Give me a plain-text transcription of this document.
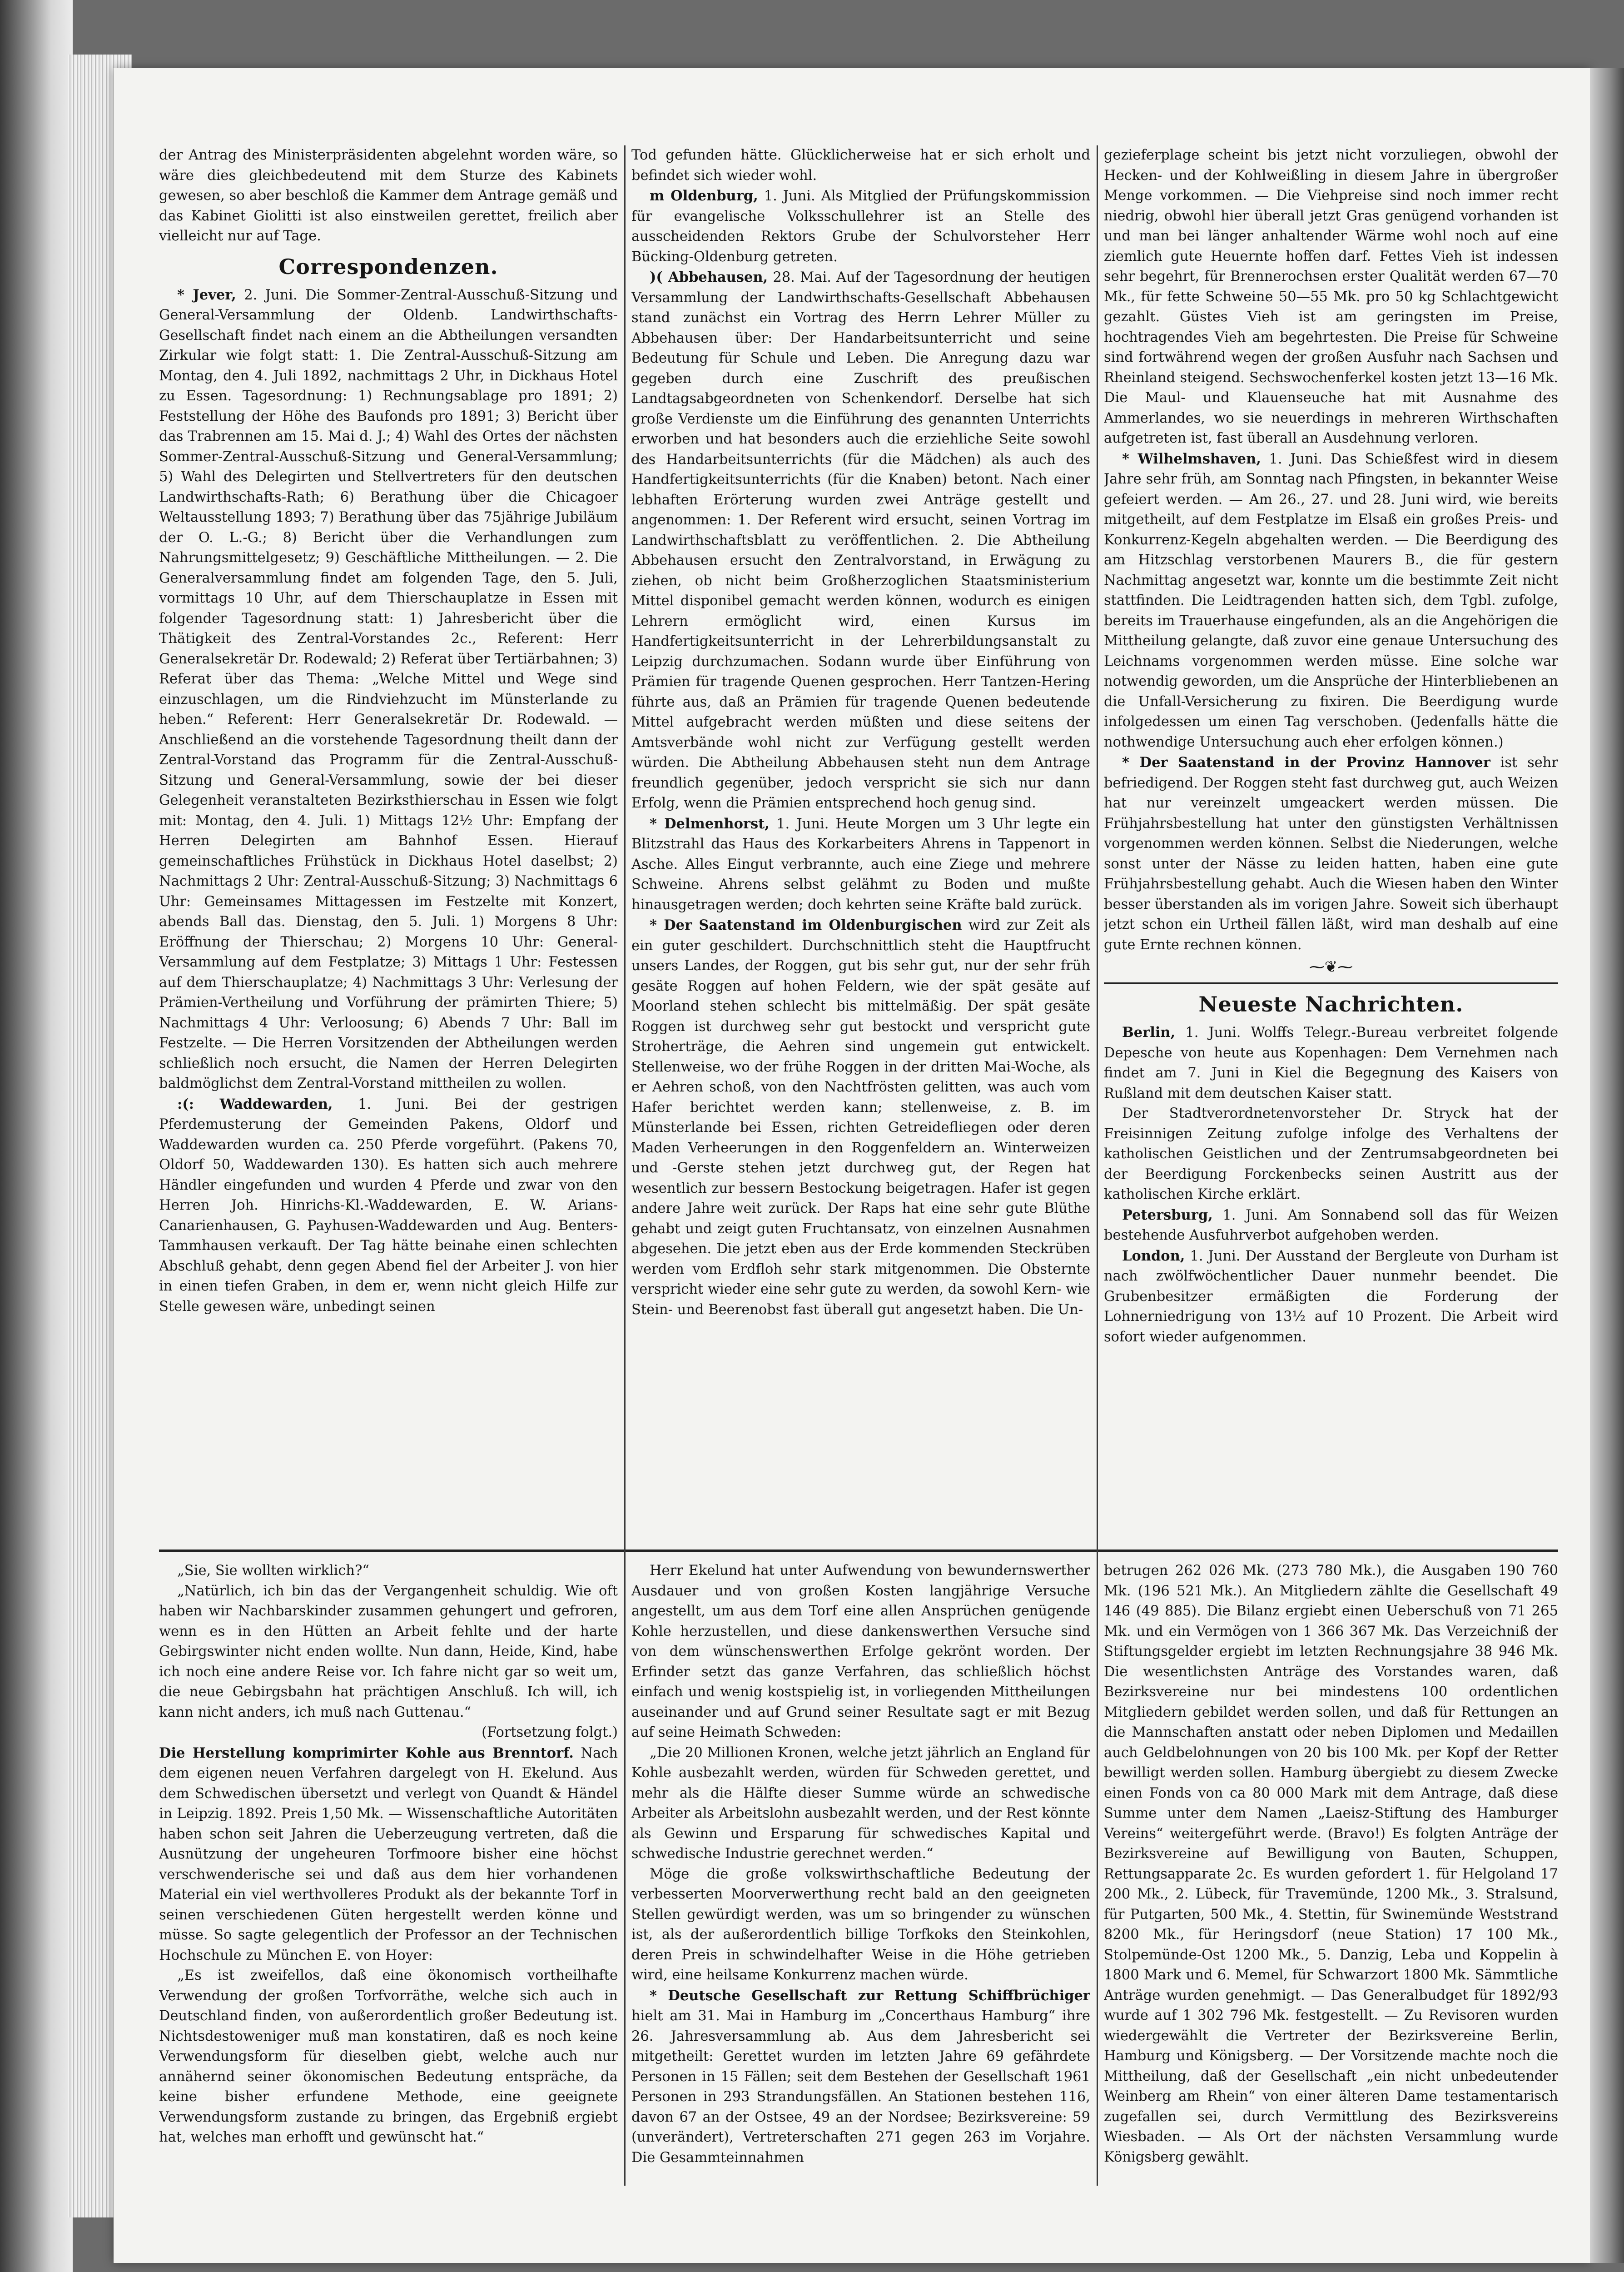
der Antrag des Ministerpräsidenten abgelehnt worden wäre, so wäre dies gleichbedeutend mit dem Sturze des Kabinets gewesen, so aber beschloß die Kammer dem Antrage gemäß und das Kabinet Giolitti ist also einstweilen gerettet, freilich aber vielleicht nur auf Tage.

Correspondenzen.

* Jever, 2. Juni. Die Sommer-Zentral-Ausschuß-Sitzung und General-Versammlung der Oldenb. Landwirthschafts-Gesellschaft findet nach einem an die Abtheilungen versandten Zirkular wie folgt statt: 1. Die Zentral-Ausschuß-Sitzung am Montag, den 4. Juli 1892, nachmittags 2 Uhr, in Dickhaus Hotel zu Essen. Tagesordnung: 1) Rechnungsablage pro 1891; 2) Feststellung der Höhe des Baufonds pro 1891; 3) Bericht über das Trabrennen am 15. Mai d. J.; 4) Wahl des Ortes der nächsten Sommer-Zentral-Ausschuß-Sitzung und General-Versammlung; 5) Wahl des Delegirten und Stellvertreters für den deutschen Landwirthschafts-Rath; 6) Berathung über die Chicagoer Weltausstellung 1893; 7) Berathung über das 75jährige Jubiläum der O. L.-G.; 8) Bericht über die Verhandlungen zum Nahrungsmittelgesetz; 9) Geschäftliche Mittheilungen. — 2. Die Generalversammlung findet am folgenden Tage, den 5. Juli, vormittags 10 Uhr, auf dem Thierschauplatze in Essen mit folgender Tagesordnung statt: 1) Jahresbericht über die Thätigkeit des Zentral-Vorstandes 2c., Referent: Herr Generalsekretär Dr. Rodewald; 2) Referat über Tertiärbahnen; 3) Referat über das Thema: „Welche Mittel und Wege sind einzuschlagen, um die Rindviehzucht im Münsterlande zu heben.“ Referent: Herr Generalsekretär Dr. Rodewald. — Anschließend an die vorstehende Tagesordnung theilt dann der Zentral-Vorstand das Programm für die Zentral-Ausschuß-Sitzung und General-Versammlung, sowie der bei dieser Gelegenheit veranstalteten Bezirksthierschau in Essen wie folgt mit: Montag, den 4. Juli. 1) Mittags 12½ Uhr: Empfang der Herren Delegirten am Bahnhof Essen. Hierauf gemeinschaftliches Frühstück in Dickhaus Hotel daselbst; 2) Nachmittags 2 Uhr: Zentral-Ausschuß-Sitzung; 3) Nachmittags 6 Uhr: Gemeinsames Mittagessen im Festzelte mit Konzert, abends Ball das. Dienstag, den 5. Juli. 1) Morgens 8 Uhr: Eröffnung der Thierschau; 2) Morgens 10 Uhr: General-Versammlung auf dem Festplatze; 3) Mittags 1 Uhr: Festessen auf dem Thierschauplatze; 4) Nachmittags 3 Uhr: Verlesung der Prämien-Vertheilung und Vorführung der prämirten Thiere; 5) Nachmittags 4 Uhr: Verloosung; 6) Abends 7 Uhr: Ball im Festzelte. — Die Herren Vorsitzenden der Abtheilungen werden schließlich noch ersucht, die Namen der Herren Delegirten baldmöglichst dem Zentral-Vorstand mittheilen zu wollen.

:(: Waddewarden, 1. Juni. Bei der gestrigen Pferdemusterung der Gemeinden Pakens, Oldorf und Waddewarden wurden ca. 250 Pferde vorgeführt. (Pakens 70, Oldorf 50, Waddewarden 130). Es hatten sich auch mehrere Händler eingefunden und wurden 4 Pferde und zwar von den Herren Joh. Hinrichs-Kl.-Waddewarden, E. W. Arians-Canarienhausen, G. Payhusen-Waddewarden und Aug. Benters-Tammhausen verkauft. Der Tag hätte beinahe einen schlechten Abschluß gehabt, denn gegen Abend fiel der Arbeiter J. von hier in einen tiefen Graben, in dem er, wenn nicht gleich Hilfe zur Stelle gewesen wäre, unbedingt seinen

Tod gefunden hätte. Glücklicherweise hat er sich erholt und befindet sich wieder wohl.

m Oldenburg, 1. Juni. Als Mitglied der Prüfungskommission für evangelische Volksschullehrer ist an Stelle des ausscheidenden Rektors Grube der Schulvorsteher Herr Bücking-Oldenburg getreten.

)( Abbehausen, 28. Mai. Auf der Tagesordnung der heutigen Versammlung der Landwirthschafts-Gesellschaft Abbehausen stand zunächst ein Vortrag des Herrn Lehrer Müller zu Abbehausen über: Der Handarbeitsunterricht und seine Bedeutung für Schule und Leben. Die Anregung dazu war gegeben durch eine Zuschrift des preußischen Landtagsabgeordneten von Schenkendorf. Derselbe hat sich große Verdienste um die Einführung des genannten Unterrichts erworben und hat besonders auch die erziehliche Seite sowohl des Handarbeitsunterrichts (für die Mädchen) als auch des Handfertigkeitsunterrichts (für die Knaben) betont. Nach einer lebhaften Erörterung wurden zwei Anträge gestellt und angenommen: 1. Der Referent wird ersucht, seinen Vortrag im Landwirthschaftsblatt zu veröffentlichen. 2. Die Abtheilung Abbehausen ersucht den Zentralvorstand, in Erwägung zu ziehen, ob nicht beim Großherzoglichen Staatsministerium Mittel disponibel gemacht werden können, wodurch es einigen Lehrern ermöglicht wird, einen Kursus im Handfertigkeitsunterricht in der Lehrerbildungsanstalt zu Leipzig durchzumachen. Sodann wurde über Einführung von Prämien für tragende Quenen gesprochen. Herr Tantzen-Hering führte aus, daß an Prämien für tragende Quenen bedeutende Mittel aufgebracht werden müßten und diese seitens der Amtsverbände wohl nicht zur Verfügung gestellt werden würden. Die Abtheilung Abbehausen steht nun dem Antrage freundlich gegenüber, jedoch verspricht sie sich nur dann Erfolg, wenn die Prämien entsprechend hoch genug sind.

* Delmenhorst, 1. Juni. Heute Morgen um 3 Uhr legte ein Blitzstrahl das Haus des Korkarbeiters Ahrens in Tappenort in Asche. Alles Eingut verbrannte, auch eine Ziege und mehrere Schweine. Ahrens selbst gelähmt zu Boden und mußte hinausgetragen werden; doch kehrten seine Kräfte bald zurück.

* Der Saatenstand im Oldenburgischen wird zur Zeit als ein guter geschildert. Durchschnittlich steht die Hauptfrucht unsers Landes, der Roggen, gut bis sehr gut, nur der sehr früh gesäte Roggen auf hohen Feldern, wie der spät gesäte auf Moorland stehen schlecht bis mittelmäßig. Der spät gesäte Roggen ist durchweg sehr gut bestockt und verspricht gute Stroherträge, die Aehren sind ungemein gut entwickelt. Stellenweise, wo der frühe Roggen in der dritten Mai-Woche, als er Aehren schoß, von den Nachtfrösten gelitten, was auch vom Hafer berichtet werden kann; stellenweise, z. B. im Münsterlande bei Essen, richten Getreidefliegen oder deren Maden Verheerungen in den Roggenfeldern an. Winterweizen und -Gerste stehen jetzt durchweg gut, der Regen hat wesentlich zur bessern Bestockung beigetragen. Hafer ist gegen andere Jahre weit zurück. Der Raps hat eine sehr gute Blüthe gehabt und zeigt guten Fruchtansatz, von einzelnen Ausnahmen abgesehen. Die jetzt eben aus der Erde kommenden Steckrüben werden vom Erdfloh sehr stark mitgenommen. Die Obsternte verspricht wieder eine sehr gute zu werden, da sowohl Kern- wie Stein- und Beerenobst fast überall gut angesetzt haben. Die Un-

gezieferplage scheint bis jetzt nicht vorzuliegen, obwohl der Hecken- und der Kohlweißling in diesem Jahre in übergroßer Menge vorkommen. — Die Viehpreise sind noch immer recht niedrig, obwohl hier überall jetzt Gras genügend vorhanden ist und man bei länger anhaltender Wärme wohl noch auf eine ziemlich gute Heuernte hoffen darf. Fettes Vieh ist indessen sehr begehrt, für Brennerochsen erster Qualität werden 67—70 Mk., für fette Schweine 50—55 Mk. pro 50 kg Schlachtgewicht gezahlt. Güstes Vieh ist am geringsten im Preise, hochtragendes Vieh am begehrtesten. Die Preise für Schweine sind fortwährend wegen der großen Ausfuhr nach Sachsen und Rheinland steigend. Sechswochenferkel kosten jetzt 13—16 Mk. Die Maul- und Klauenseuche hat mit Ausnahme des Ammerlandes, wo sie neuerdings in mehreren Wirthschaften aufgetreten ist, fast überall an Ausdehnung verloren.

* Wilhelmshaven, 1. Juni. Das Schießfest wird in diesem Jahre sehr früh, am Sonntag nach Pfingsten, in bekannter Weise gefeiert werden. — Am 26., 27. und 28. Juni wird, wie bereits mitgetheilt, auf dem Festplatze im Elsaß ein großes Preis- und Konkurrenz-Kegeln abgehalten werden. — Die Beerdigung des am Hitzschlag verstorbenen Maurers B., die für gestern Nachmittag angesetzt war, konnte um die bestimmte Zeit nicht stattfinden. Die Leidtragenden hatten sich, dem Tgbl. zufolge, bereits im Trauerhause eingefunden, als an die Angehörigen die Mittheilung gelangte, daß zuvor eine genaue Untersuchung des Leichnams vorgenommen werden müsse. Eine solche war notwendig geworden, um die Ansprüche der Hinterbliebenen an die Unfall-Versicherung zu fixiren. Die Beerdigung wurde infolgedessen um einen Tag verschoben. (Jedenfalls hätte die nothwendige Untersuchung auch eher erfolgen können.)

* Der Saatenstand in der Provinz Hannover ist sehr befriedigend. Der Roggen steht fast durchweg gut, auch Weizen hat nur vereinzelt umgeackert werden müssen. Die Frühjahrsbestellung hat unter den günstigsten Verhältnissen vorgenommen werden können. Selbst die Niederungen, welche sonst unter der Nässe zu leiden hatten, haben eine gute Frühjahrsbestellung gehabt. Auch die Wiesen haben den Winter besser überstanden als im vorigen Jahre. Soweit sich überhaupt jetzt schon ein Urtheil fällen läßt, wird man deshalb auf eine gute Ernte rechnen können.

⁓❦⁓
Neueste Nachrichten.

Berlin, 1. Juni. Wolffs Telegr.-Bureau verbreitet folgende Depesche von heute aus Kopenhagen: Dem Vernehmen nach findet am 7. Juni in Kiel die Begegnung des Kaisers von Rußland mit dem deutschen Kaiser statt.

Der Stadtverordnetenvorsteher Dr. Stryck hat der Freisinnigen Zeitung zufolge infolge des Verhaltens der katholischen Geistlichen und der Zentrumsabgeordneten bei der Beerdigung Forckenbecks seinen Austritt aus der katholischen Kirche erklärt.

Petersburg, 1. Juni. Am Sonnabend soll das für Weizen bestehende Ausfuhrverbot aufgehoben werden.

London, 1. Juni. Der Ausstand der Bergleute von Durham ist nach zwölfwöchentlicher Dauer nunmehr beendet. Die Grubenbesitzer ermäßigten die Forderung der Lohnerniedrigung von 13½ auf 10 Prozent. Die Arbeit wird sofort wieder aufgenommen.

„Sie, Sie wollten wirklich?“

„Natürlich, ich bin das der Vergangenheit schuldig. Wie oft haben wir Nachbarskinder zusammen gehungert und gefroren, wenn es in den Hütten an Arbeit fehlte und der harte Gebirgswinter nicht enden wollte. Nun dann, Heide, Kind, habe ich noch eine andere Reise vor. Ich fahre nicht gar so weit um, die neue Gebirgsbahn hat prächtigen Anschluß. Ich will, ich kann nicht anders, ich muß nach Guttenau.“

(Fortsetzung folgt.)

Die Herstellung komprimirter Kohle aus Brenntorf. Nach dem eigenen neuen Verfahren dargelegt von H. Ekelund. Aus dem Schwedischen übersetzt und verlegt von Quandt & Händel in Leipzig. 1892. Preis 1,50 Mk. — Wissenschaftliche Autoritäten haben schon seit Jahren die Ueberzeugung vertreten, daß die Ausnützung der ungeheuren Torfmoore bisher eine höchst verschwenderische sei und daß aus dem hier vorhandenen Material ein viel werthvolleres Produkt als der bekannte Torf in seinen verschiedenen Güten hergestellt werden könne und müsse. So sagte gelegentlich der Professor an der Technischen Hochschule zu München E. von Hoyer:

„Es ist zweifellos, daß eine ökonomisch vortheilhafte Verwendung der großen Torfvorräthe, welche sich auch in Deutschland finden, von außerordentlich großer Bedeutung ist. Nichtsdestoweniger muß man konstatiren, daß es noch keine Verwendungsform für dieselben giebt, welche auch nur annähernd seiner ökonomischen Bedeutung entspräche, da keine bisher erfundene Methode, eine geeignete Verwendungsform zustande zu bringen, das Ergebniß ergiebt hat, welches man erhofft und gewünscht hat.“

Herr Ekelund hat unter Aufwendung von bewundernswerther Ausdauer und von großen Kosten langjährige Versuche angestellt, um aus dem Torf eine allen Ansprüchen genügende Kohle herzustellen, und diese dankenswerthen Versuche sind von dem wünschenswerthen Erfolge gekrönt worden. Der Erfinder setzt das ganze Verfahren, das schließlich höchst einfach und wenig kostspielig ist, in vorliegenden Mittheilungen auseinander und auf Grund seiner Resultate sagt er mit Bezug auf seine Heimath Schweden:

„Die 20 Millionen Kronen, welche jetzt jährlich an England für Kohle ausbezahlt werden, würden für Schweden gerettet, und mehr als die Hälfte dieser Summe würde an schwedische Arbeiter als Arbeitslohn ausbezahlt werden, und der Rest könnte als Gewinn und Ersparung für schwedisches Kapital und schwedische Industrie gerechnet werden.“

Möge die große volkswirthschaftliche Bedeutung der verbesserten Moorverwerthung recht bald an den geeigneten Stellen gewürdigt werden, was um so bringender zu wünschen ist, als der außerordentlich billige Torfkoks den Steinkohlen, deren Preis in schwindelhafter Weise in die Höhe getrieben wird, eine heilsame Konkurrenz machen würde.

* Deutsche Gesellschaft zur Rettung Schiffbrüchiger hielt am 31. Mai in Hamburg im „Concerthaus Hamburg“ ihre 26. Jahresversammlung ab. Aus dem Jahresbericht sei mitgetheilt: Gerettet wurden im letzten Jahre 69 gefährdete Personen in 15 Fällen; seit dem Bestehen der Gesellschaft 1961 Personen in 293 Strandungsfällen. An Stationen bestehen 116, davon 67 an der Ostsee, 49 an der Nordsee; Bezirksvereine: 59 (unverändert), Vertreterschaften 271 gegen 263 im Vorjahre. Die Gesammteinnahmen

betrugen 262 026 Mk. (273 780 Mk.), die Ausgaben 190 760 Mk. (196 521 Mk.). An Mitgliedern zählte die Gesellschaft 49 146 (49 885). Die Bilanz ergiebt einen Ueberschuß von 71 265 Mk. und ein Vermögen von 1 366 367 Mk. Das Verzeichniß der Stiftungsgelder ergiebt im letzten Rechnungsjahre 38 946 Mk. Die wesentlichsten Anträge des Vorstandes waren, daß Bezirksvereine nur bei mindestens 100 ordentlichen Mitgliedern gebildet werden sollen, und daß für Rettungen an die Mannschaften anstatt oder neben Diplomen und Medaillen auch Geldbelohnungen von 20 bis 100 Mk. per Kopf der Retter bewilligt werden sollen. Hamburg übergiebt zu diesem Zwecke einen Fonds von ca 80 000 Mark mit dem Antrage, daß diese Summe unter dem Namen „Laeisz-Stiftung des Hamburger Vereins“ weitergeführt werde. (Bravo!) Es folgten Anträge der Bezirksvereine auf Bewilligung von Bauten, Schuppen, Rettungsapparate 2c. Es wurden gefordert 1. für Helgoland 17 200 Mk., 2. Lübeck, für Travemünde, 1200 Mk., 3. Stralsund, für Putgarten, 500 Mk., 4. Stettin, für Swinemünde Weststrand 8200 Mk., für Heringsdorf (neue Station) 17 100 Mk., Stolpemünde-Ost 1200 Mk., 5. Danzig, Leba und Koppelin à 1800 Mark und 6. Memel, für Schwarzort 1800 Mk. Sämmtliche Anträge wurden genehmigt. — Das Generalbudget für 1892/93 wurde auf 1 302 796 Mk. festgestellt. — Zu Revisoren wurden wiedergewählt die Vertreter der Bezirksvereine Berlin, Hamburg und Königsberg. — Der Vorsitzende machte noch die Mittheilung, daß der Gesellschaft „ein nicht unbedeutender Weinberg am Rhein“ von einer älteren Dame testamentarisch zugefallen sei, durch Vermittlung des Bezirksvereins Wiesbaden. — Als Ort der nächsten Versammlung wurde Königsberg gewählt.
